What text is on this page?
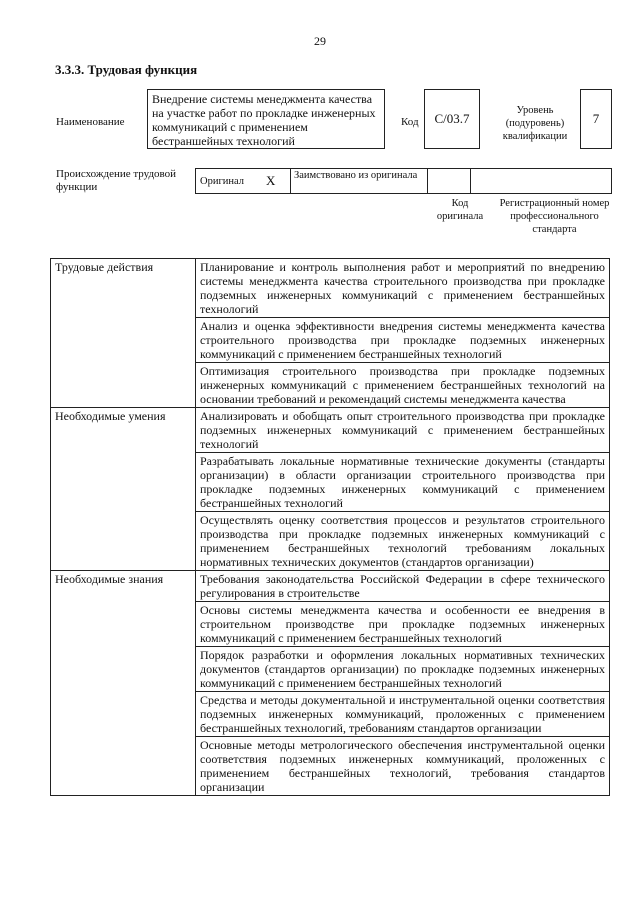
29
3.3.3. Трудовая функция
Наименование
Внедрение системы менеджмента качества на участке работ по прокладке инженерных коммуникаций с применением бестраншейных технологий
Код	С/03.7
Уровень (подуровень) квалификации
7
Происхождение трудовой функции	Оригинал Х Заимствовано из оригинала
Код оригинала
Регистрационный номер профессионального стандарта
Трудовые действия	Планирование и контроль выполнения работ и мероприятий по внедрению системы менеджмента качества строительного производства при прокладке подземных инженерных коммуникаций с применением бестраншейных технологий
	Анализ и оценка эффективности внедрения системы менеджмента качества строительного производства при прокладке подземных инженерных коммуникаций с применением бестраншейных технологий
	Оптимизация строительного производства при прокладке подземных инженерных коммуникаций с применением бестраншейных технологий на основании требований и рекомендаций системы менеджмента качества
Необходимые умения	Анализировать и обобщать опыт строительного производства при прокладке подземных инженерных коммуникаций с применением бестраншейных технологий
	Разрабатывать локальные нормативные технические документы (стандарты организации) в области организации строительного производства при прокладке подземных инженерных коммуникаций с применением бестраншейных технологий
	Осуществлять оценку соответствия процессов и результатов строительного производства при прокладке подземных инженерных коммуникаций с применением бестраншейных технологий требованиям локальных нормативных технических документов (стандартов организации)
Необходимые знания	Требования законодательства Российской Федерации в сфере технического регулирования в строительстве
	Основы системы менеджмента качества и особенности ее внедрения в строительном производстве при прокладке подземных инженерных коммуникаций с применением бестраншейных технологий
	Порядок разработки и оформления локальных нормативных технических документов (стандартов организации) по прокладке подземных инженерных коммуникаций с применением бестраншейных технологий
	Средства и методы документальной и инструментальной оценки соответствия подземных инженерных коммуникаций, проложенных с применением бестраншейных технологий, требованиям стандартов организации
	Основные методы метрологического обеспечения инструментальной оценки соответствия подземных инженерных коммуникаций, проложенных с применением бестраншейных технологий, требования стандартов организации
